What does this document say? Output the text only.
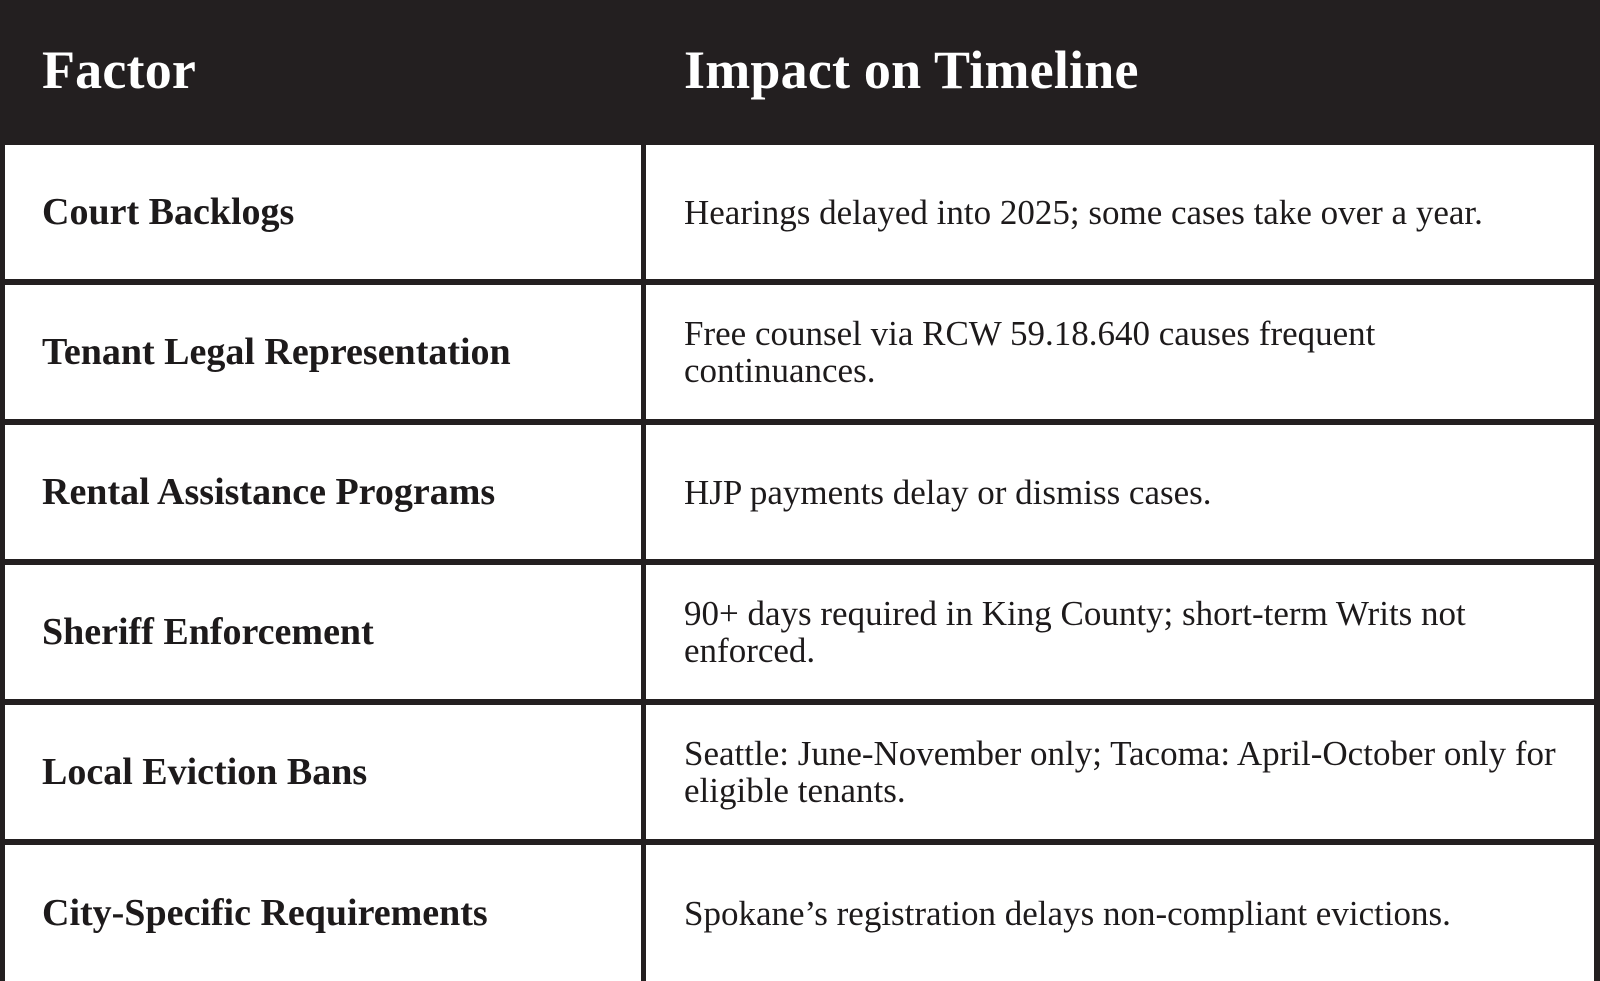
Factor	Impact on Timeline
Court Backlogs	Hearings delayed into 2025; some cases take over a year.
Tenant Legal Representation	Free counsel via RCW 59.18.640 causes frequent continuances.
Rental Assistance Programs	HJP payments delay or dismiss cases.
Sheriff Enforcement	90+ days required in King County; short-term Writs not enforced.
Local Eviction Bans	Seattle: June-November only; Tacoma: April-October only for eligible tenants.
City-Specific Requirements	Spokane’s registration delays non-compliant evictions.
